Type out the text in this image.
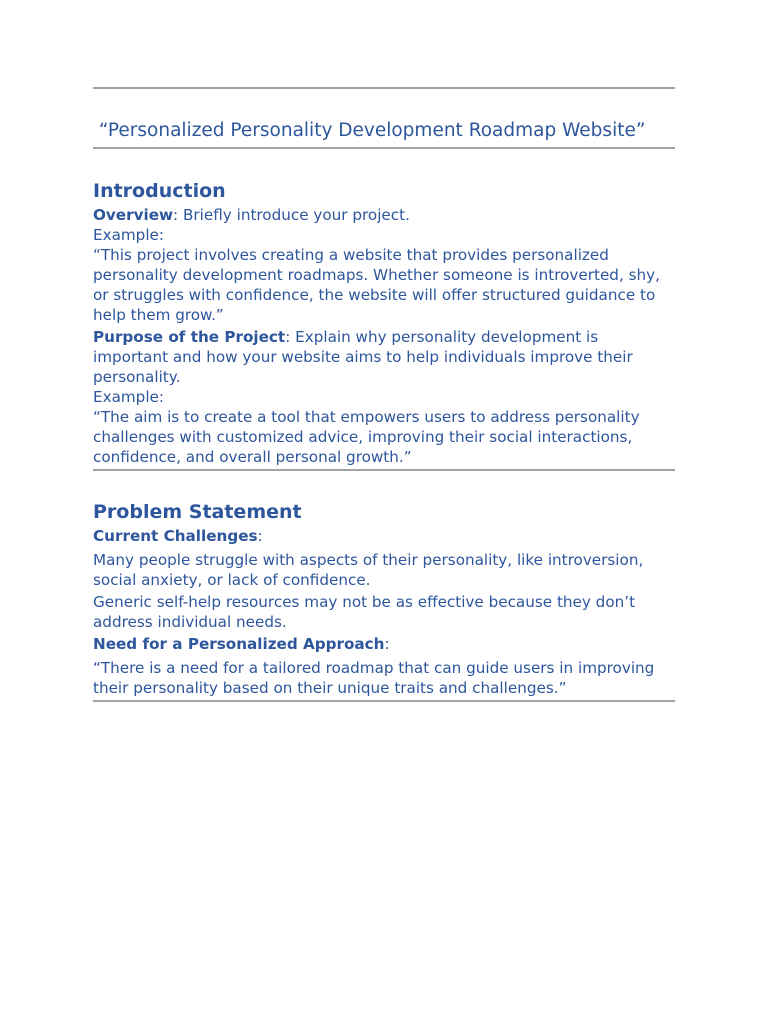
“Personalized Personality Development Roadmap Website”
Introduction

Overview: Briefly introduce your project.

Example:

“This project involves creating a website that provides personalized personality development roadmaps. Whether someone is introverted, shy, or struggles with confidence, the website will offer structured guidance to help them grow.”

Purpose of the Project: Explain why personality development is important and how your website aims to help individuals improve their personality.

Example:

“The aim is to create a tool that empowers users to address personality challenges with customized advice, improving their social interactions, confidence, and overall personal growth.”

Problem Statement

Current Challenges:

Many people struggle with aspects of their personality, like introversion, social anxiety, or lack of confidence.

Generic self-help resources may not be as effective because they don’t address individual needs.

Need for a Personalized Approach:

“There is a need for a tailored roadmap that can guide users in improving their personality based on their unique traits and challenges.”
